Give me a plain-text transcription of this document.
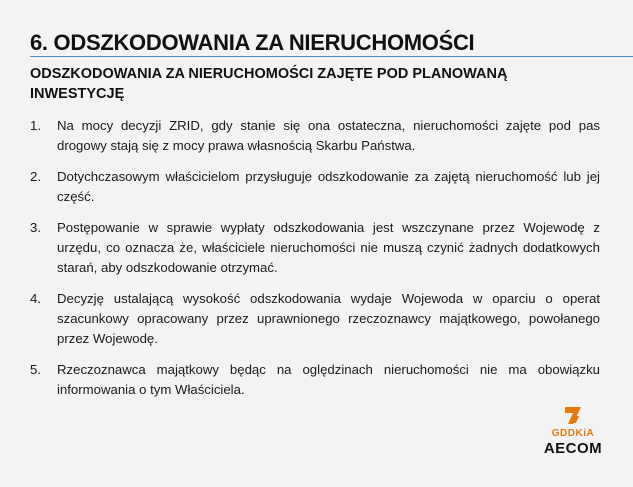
6. ODSZKODOWANIA ZA NIERUCHOMOŚCI
ODSZKODOWANIA ZA NIERUCHOMOŚCI ZAJĘTE POD PLANOWANĄ INWESTYCJĘ
1.	Na mocy decyzji ZRID, gdy stanie się ona ostateczna, nieruchomości zajęte pod pas drogowy stają się z mocy prawa własnością Skarbu Państwa.
2.	Dotychczasowym właścicielom przysługuje odszkodowanie za zajętą nieruchomość lub jej część.
3.	Postępowanie w sprawie wypłaty odszkodowania jest wszczynane przez Wojewodę z urzędu, co oznacza że, właściciele nieruchomości nie muszą czynić żadnych dodatkowych starań, aby odszkodowanie otrzymać.
4.	Decyzję ustalającą wysokość odszkodowania wydaje Wojewoda w oparciu o operat szacunkowy opracowany przez uprawnionego rzeczoznawcy majątkowego, powołanego przez Wojewodę.
5.	Rzeczoznawca majątkowy będąc na oględzinach nieruchomości nie ma obowiązku informowania o tym Właściciela.
GDDKiA
AECOM
